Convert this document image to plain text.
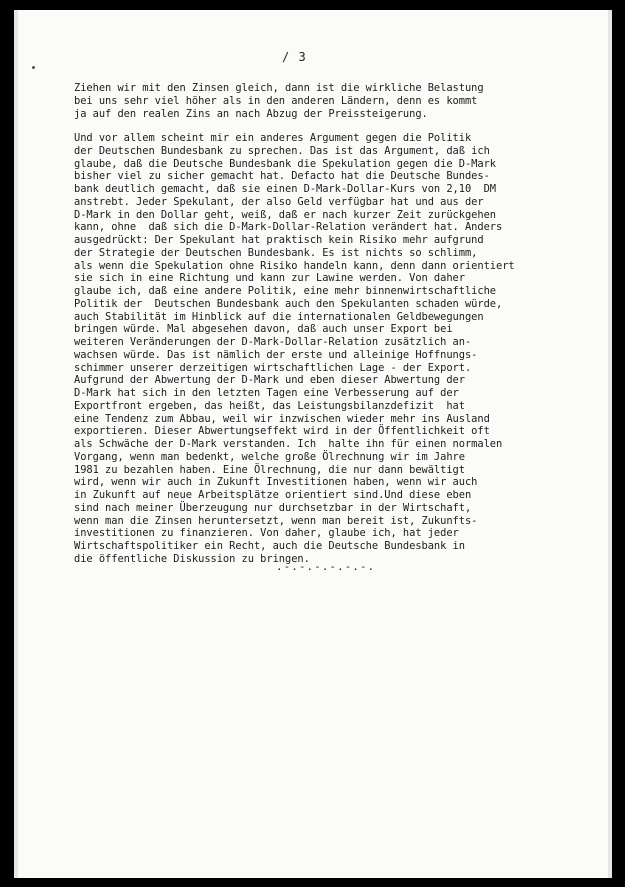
/ 3

Ziehen wir mit den Zinsen gleich, dann ist die wirkliche Belastung
bei uns sehr viel höher als in den anderen Ländern, denn es kommt
ja auf den realen Zins an nach Abzug der Preissteigerung.

Und vor allem scheint mir ein anderes Argument gegen die Politik
der Deutschen Bundesbank zu sprechen. Das ist das Argument, daß ich
glaube, daß die Deutsche Bundesbank die Spekulation gegen die D-Mark
bisher viel zu sicher gemacht hat. Defacto hat die Deutsche Bundes-
bank deutlich gemacht, daß sie einen D-Mark-Dollar-Kurs von 2,10  DM
anstrebt. Jeder Spekulant, der also Geld verfügbar hat und aus der
D-Mark in den Dollar geht, weiß, daß er nach kurzer Zeit zurückgehen
kann, ohne  daß sich die D-Mark-Dollar-Relation verändert hat. Anders
ausgedrückt: Der Spekulant hat praktisch kein Risiko mehr aufgrund
der Strategie der Deutschen Bundesbank. Es ist nichts so schlimm,
als wenn die Spekulation ohne Risiko handeln kann, denn dann orientiert
sie sich in eine Richtung und kann zur Lawine werden. Von daher
glaube ich, daß eine andere Politik, eine mehr binnenwirtschaftliche
Politik der  Deutschen Bundesbank auch den Spekulanten schaden würde,
auch Stabilität im Hinblick auf die internationalen Geldbewegungen
bringen würde. Mal abgesehen davon, daß auch unser Export bei
weiteren Veränderungen der D-Mark-Dollar-Relation zusätzlich an-
wachsen würde. Das ist nämlich der erste und alleinige Hoffnungs-
schimmer unserer derzeitigen wirtschaftlichen Lage - der Export.
Aufgrund der Abwertung der D-Mark und eben dieser Abwertung der
D-Mark hat sich in den letzten Tagen eine Verbesserung auf der
Exportfront ergeben, das heißt, das Leistungsbilanzdefizit  hat
eine Tendenz zum Abbau, weil wir inzwischen wieder mehr ins Ausland
exportieren. Dieser Abwertungseffekt wird in der Öffentlichkeit oft
als Schwäche der D-Mark verstanden. Ich  halte ihn für einen normalen
Vorgang, wenn man bedenkt, welche große Ölrechnung wir im Jahre
1981 zu bezahlen haben. Eine Ölrechnung, die nur dann bewältigt
wird, wenn wir auch in Zukunft Investitionen haben, wenn wir auch
in Zukunft auf neue Arbeitsplätze orientiert sind.Und diese eben
sind nach meiner Überzeugung nur durchsetzbar in der Wirtschaft,
wenn man die Zinsen heruntersetzt, wenn man bereit ist, Zukunfts-
investitionen zu finanzieren. Von daher, glaube ich, hat jeder
Wirtschaftspolitiker ein Recht, auch die Deutsche Bundesbank in
die öffentliche Diskussion zu bringen.

.-.-.-.-.-.-.
